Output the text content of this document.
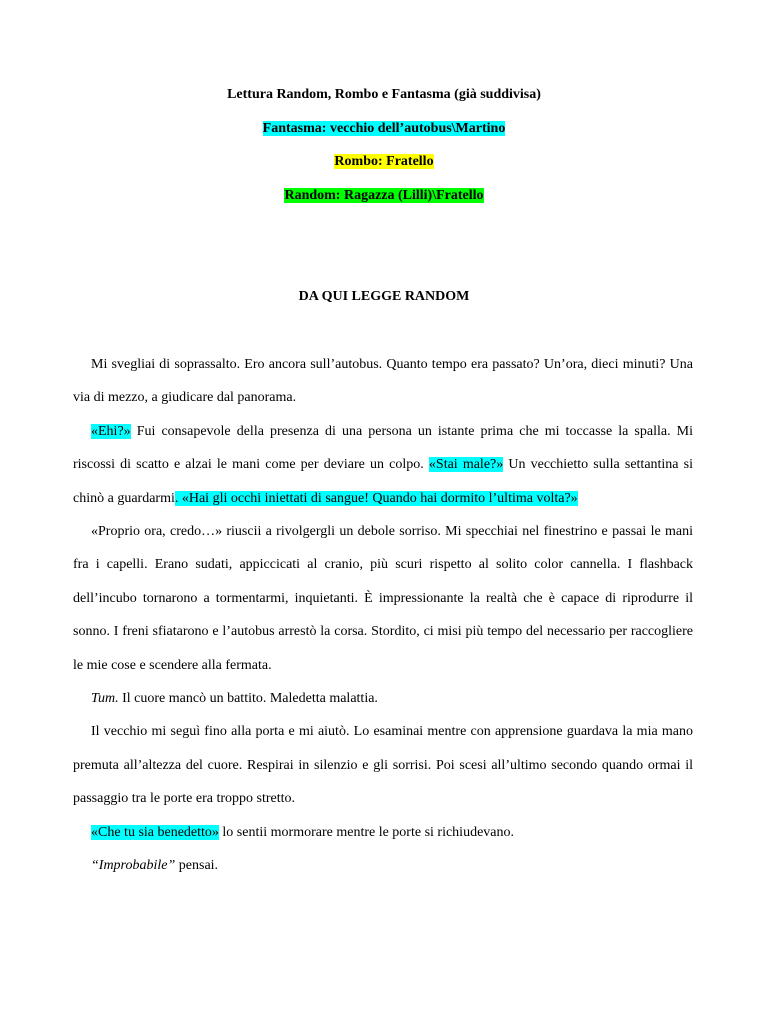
Lettura Random, Rombo e Fantasma (già suddivisa)
Fantasma: vecchio dell’autobus\Martino
Rombo: Fratello
Random: Ragazza (Lilli)\Fratello
DA QUI LEGGE RANDOM

Mi svegliai di soprassalto. Ero ancora sull’autobus. Quanto tempo era passato? Un’ora, dieci minuti? Una via di mezzo, a giudicare dal panorama.

«Ehi?» Fui consapevole della presenza di una persona un istante prima che mi toccasse la spalla. Mi riscossi di scatto e alzai le mani come per deviare un colpo. «Stai male?» Un vecchietto sulla settantina si chinò a guardarmi. «Hai gli occhi iniettati di sangue! Quando hai dormito l’ultima volta?»

«Proprio ora, credo…» riuscii a rivolgergli un debole sorriso. Mi specchiai nel finestrino e passai le mani fra i capelli. Erano sudati, appiccicati al cranio, più scuri rispetto al solito color cannella. I flashback dell’incubo tornarono a tormentarmi, inquietanti. È impressionante la realtà che è capace di riprodurre il sonno. I freni sfiatarono e l’autobus arrestò la corsa. Stordito, ci misi più tempo del necessario per raccogliere le mie cose e scendere alla fermata.

Tum. Il cuore mancò un battito. Maledetta malattia.

Il vecchio mi seguì fino alla porta e mi aiutò. Lo esaminai mentre con apprensione guardava la mia mano premuta all’altezza del cuore. Respirai in silenzio e gli sorrisi. Poi scesi all’ultimo secondo quando ormai il passaggio tra le porte era troppo stretto.

«Che tu sia benedetto» lo sentii mormorare mentre le porte si richiudevano.

“Improbabile” pensai.
